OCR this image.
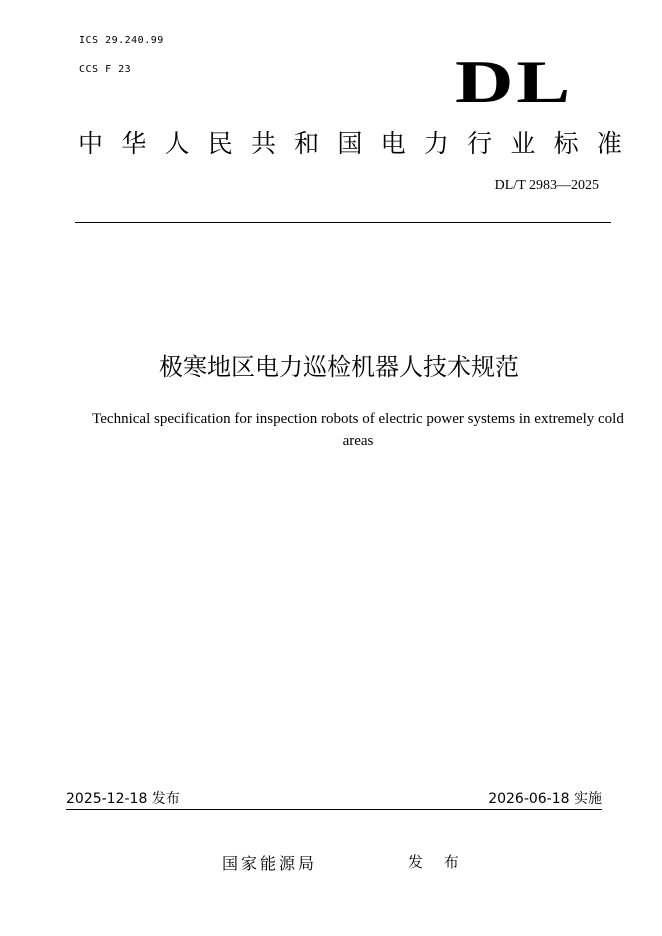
ICS 29.240.99
CCS F 23	DL
中 华 人 民 共 和 国 电 力 行 业 标 准
DL/T 2983—2025
极寒地区电力巡检机器人技术规范
Technical specification for inspection robots of electric power systems in extremely cold areas
2025-12-18 发布	2026-06-18 实施
国家能源局	发 布
